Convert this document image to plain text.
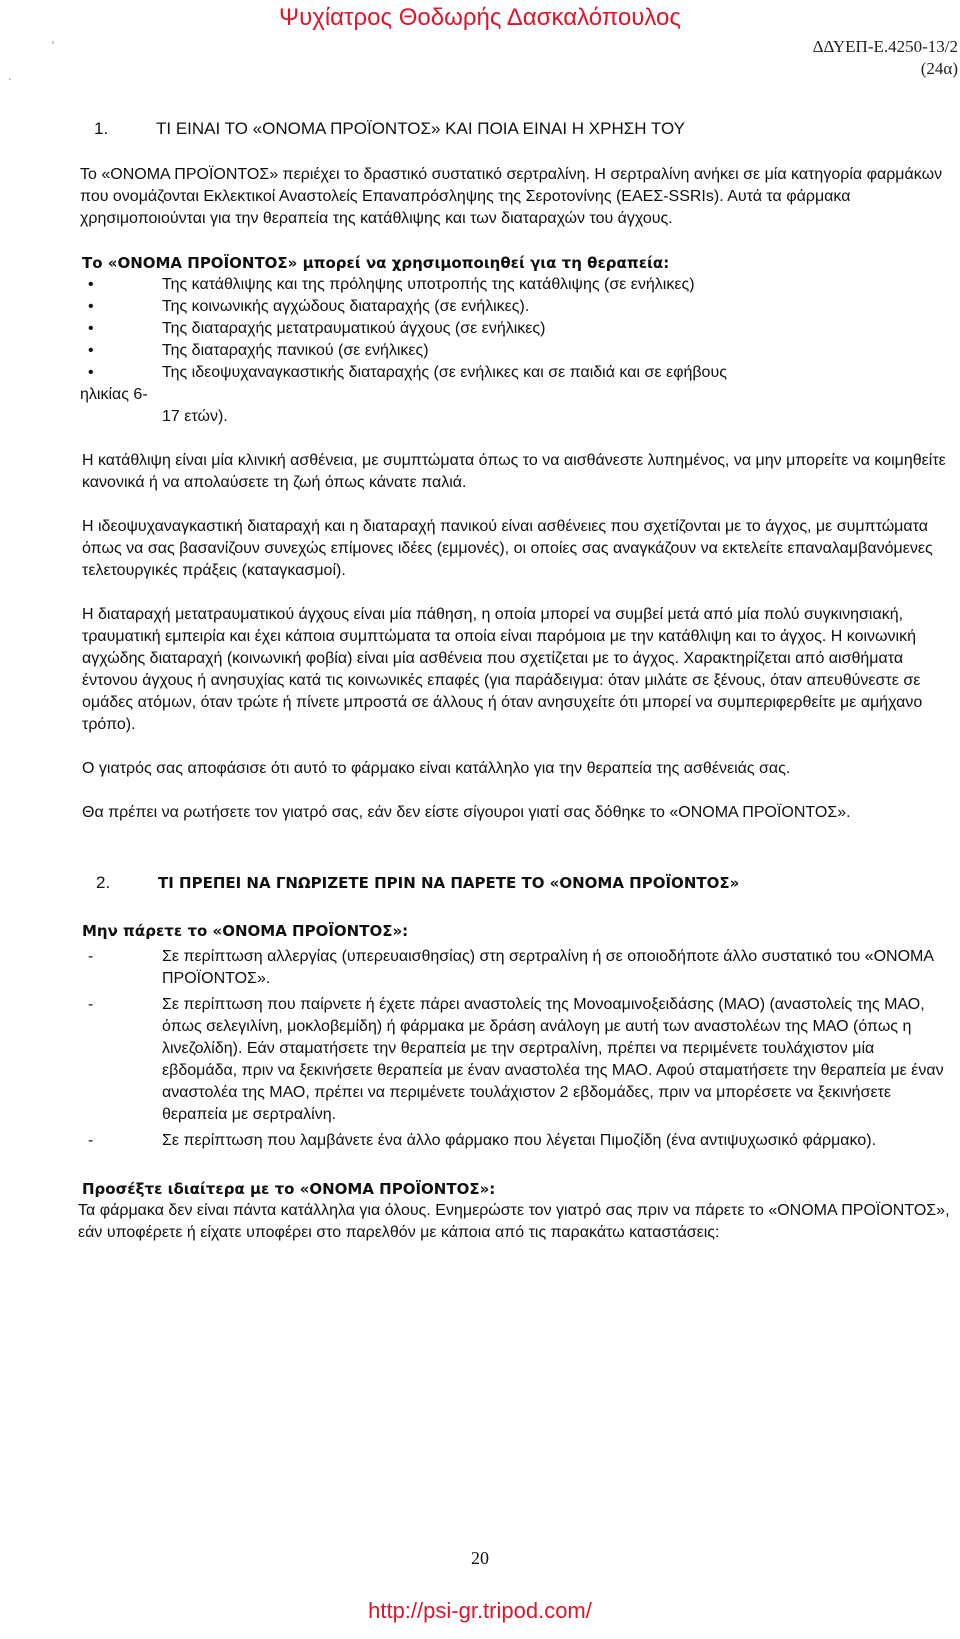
Ψυχίατρος Θοδωρής Δασκαλόπουλος
ΔΔΥΕΠ-Ε.4250-13/2
(24α)
‘
`
1.	ΤΙ ΕΙΝΑΙ ΤΟ «ΟΝΟΜΑ ΠΡΟΪΟΝΤΟΣ» ΚΑΙ ΠΟΙΑ ΕΙΝΑΙ Η ΧΡΗΣΗ ΤΟΥ

Το «ΟΝΟΜΑ ΠΡΟΪΟΝΤΟΣ» περιέχει το δραστικό συστατικό σερτραλίνη. Η σερτραλίνη ανήκει σε μία κατηγορία φαρμάκων που ονομάζονται Εκλεκτικοί Αναστολείς Επαναπρόσληψης της Σεροτονίνης (ΕΑΕΣ-SSRIs). Αυτά τα φάρμακα χρησιμοποιούνται για την θεραπεία της κατάθλιψης και των διαταραχών του άγχους.

Το «ΟΝΟΜΑ ΠΡΟΪΟΝΤΟΣ» μπορεί να χρησιμοποιηθεί για τη θεραπεία:
• Της κατάθλιψης και της πρόληψης υποτροπής της κατάθλιψης (σε ενήλικες)
• Της κοινωνικής αγχώδους διαταραχής (σε ενήλικες).
• Της διαταραχής μετατραυματικού άγχους (σε ενήλικες)
• Της διαταραχής πανικού (σε ενήλικες)
• Της ιδεοψυχαναγκαστικής διαταραχής (σε ενήλικες και σε παιδιά και σε εφήβους
ηλικίας 6-
17 ετών).

Η κατάθλιψη είναι μία κλινική ασθένεια, με συμπτώματα όπως το να αισθάνεστε λυπημένος, να μην μπορείτε να κοιμηθείτε κανονικά ή να απολαύσετε τη ζωή όπως κάνατε παλιά.

Η ιδεοψυχαναγκαστική διαταραχή και η διαταραχή πανικού είναι ασθένειες που σχετίζονται με το άγχος, με συμπτώματα όπως να σας βασανίζουν συνεχώς επίμονες ιδέες (εμμονές), οι οποίες σας αναγκάζουν να εκτελείτε επαναλαμβανόμενες τελετουργικές πράξεις (καταγκασμοί).

Η διαταραχή μετατραυματικού άγχους είναι μία πάθηση, η οποία μπορεί να συμβεί μετά από μία πολύ συγκινησιακή, τραυματική εμπειρία και έχει κάποια συμπτώματα τα οποία είναι παρόμοια με την κατάθλιψη και το άγχος. Η κοινωνική αγχώδης διαταραχή (κοινωνική φοβία) είναι μία ασθένεια που σχετίζεται με το άγχος. Χαρακτηρίζεται από αισθήματα έντονου άγχους ή ανησυχίας κατά τις κοινωνικές επαφές (για παράδειγμα: όταν μιλάτε σε ξένους, όταν απευθύνεστε σε ομάδες ατόμων, όταν τρώτε ή πίνετε μπροστά σε άλλους ή όταν ανησυχείτε ότι μπορεί να συμπεριφερθείτε με αμήχανο τρόπο).

Ο γιατρός σας αποφάσισε ότι αυτό το φάρμακο είναι κατάλληλο για την θεραπεία της ασθένειάς σας.

Θα πρέπει να ρωτήσετε τον γιατρό σας, εάν δεν είστε σίγουροι γιατί σας δόθηκε το «ΟΝΟΜΑ ΠΡΟΪΟΝΤΟΣ».

2.	ΤΙ ΠΡΕΠΕΙ ΝΑ ΓΝΩΡΙΖΕΤΕ ΠΡΙΝ ΝΑ ΠΑΡΕΤΕ ΤΟ «ΟΝΟΜΑ ΠΡΟΪΟΝΤΟΣ»
Μην πάρετε το «ΟΝΟΜΑ ΠΡΟΪΟΝΤΟΣ»:
- Σε περίπτωση αλλεργίας (υπερευαισθησίας) στη σερτραλίνη ή σε οποιοδήποτε άλλο συστατικό του «ΟΝΟΜΑ ΠΡΟΪΟΝΤΟΣ».
- Σε περίπτωση που παίρνετε ή έχετε πάρει αναστολείς της Μονοαμινοξειδάσης (ΜΑΟ) (αναστολείς της ΜΑΟ, όπως σελεγιλίνη, μοκλοβεμίδη) ή φάρμακα με δράση ανάλογη με αυτή των αναστολέων της ΜΑΟ (όπως η λινεζολίδη). Εάν σταματήσετε την θεραπεία με την σερτραλίνη, πρέπει να περιμένετε τουλάχιστον μία εβδομάδα, πριν να ξεκινήσετε θεραπεία με έναν αναστολέα της ΜΑΟ. Αφού σταματήσετε την θεραπεία με έναν αναστολέα της ΜΑΟ, πρέπει να περιμένετε τουλάχιστον 2 εβδομάδες, πριν να μπορέσετε να ξεκινήσετε θεραπεία με σερτραλίνη.
- Σε περίπτωση που λαμβάνετε ένα άλλο φάρμακο που λέγεται Πιμοζίδη (ένα αντιψυχωσικό φάρμακο).
Προσέξτε ιδιαίτερα με το «ΟΝΟΜΑ ΠΡΟΪΟΝΤΟΣ»:

Τα φάρμακα δεν είναι πάντα κατάλληλα για όλους. Ενημερώστε τον γιατρό σας πριν να πάρετε το «ΟΝΟΜΑ ΠΡΟΪΟΝΤΟΣ», εάν υποφέρετε ή είχατε υποφέρει στο παρελθόν με κάποια από τις παρακάτω καταστάσεις:

20
http://psi-gr.tripod.com/
